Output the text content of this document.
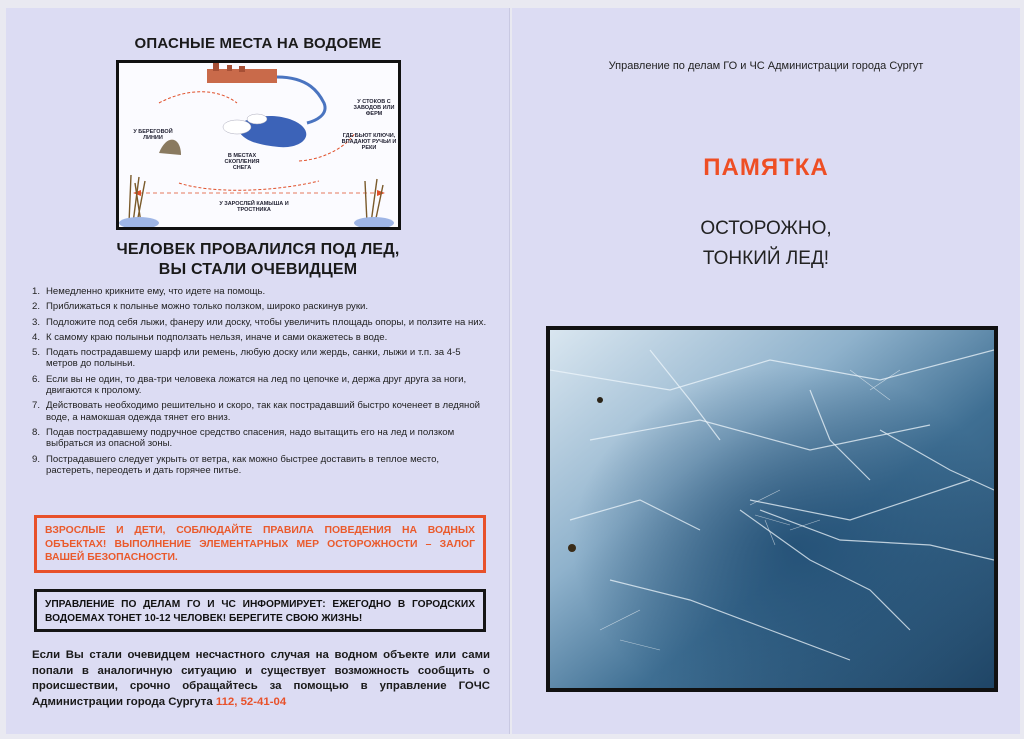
ОПАСНЫЕ МЕСТА НА ВОДОЕМЕ
У СТОКОВ С ЗАВОДОВ ИЛИ ФЕРМ
У БЕРЕГОВОЙ ЛИНИИ	ГДЕ БЬЮТ КЛЮЧИ, ВПАДАЮТ РУЧЬИ И РЕКИ
В МЕСТАХ СКОПЛЕНИЯ СНЕГА
У ЗАРОСЛЕЙ КАМЫША И ТРОСТНИКА
ЧЕЛОВЕК ПРОВАЛИЛСЯ ПОД ЛЕД,
ВЫ СТАЛИ ОЧЕВИДЦЕМ
1. Немедленно крикните ему, что идете на помощь.
2. Приближаться к полынье можно только ползком, широко раскинув руки.
3. Подложите под себя лыжи, фанеру или доску, чтобы увеличить площадь опоры, и ползите на них.
4. К самому краю полыньи подползать нельзя, иначе и сами окажетесь в воде.
5. Подать пострадавшему шарф или ремень, любую доску или жердь, санки, лыжи и т.п. за 4-5 метров до полыньи.
6. Если вы не один, то два-три человека ложатся на лед по цепочке и, держа друг друга за ноги, двигаются к пролому.
7. Действовать необходимо решительно и скоро, так как пострадавший быстро коченеет в ледяной воде, а намокшая одежда тянет его вниз.
8. Подав пострадавшему подручное средство спасения, надо вытащить его на лед и ползком выбраться из опасной зоны.
9. Пострадавшего следует укрыть от ветра, как можно быстрее доставить в теплое место, растереть, переодеть и дать горячее питье.
ВЗРОСЛЫЕ И ДЕТИ, СОБЛЮДАЙТЕ ПРАВИЛА ПОВЕДЕНИЯ НА ВОДНЫХ ОБЪЕКТАХ! ВЫПОЛНЕНИЕ ЭЛЕМЕНТАРНЫХ МЕР ОСТОРОЖНОСТИ – ЗАЛОГ ВАШЕЙ БЕЗОПАСНОСТИ.
УПРАВЛЕНИЕ ПО ДЕЛАМ ГО И ЧС ИНФОРМИРУЕТ: ЕЖЕГОДНО В ГОРОДСКИХ ВОДОЕМАХ ТОНЕТ 10-12 ЧЕЛОВЕК! БЕРЕГИТЕ СВОЮ ЖИЗНЬ!
Если Вы стали очевидцем несчастного случая на водном объекте или сами попали в аналогичную ситуацию и существует возможность сообщить о происшествии, срочно обращайтесь за помощью в управление ГОЧС Администрации города Сургута 112, 52-41-04
Управление по делам ГО и ЧС Администрации города Сургут
ПАМЯТКА
ОСТОРОЖНО,
ТОНКИЙ ЛЕД!
